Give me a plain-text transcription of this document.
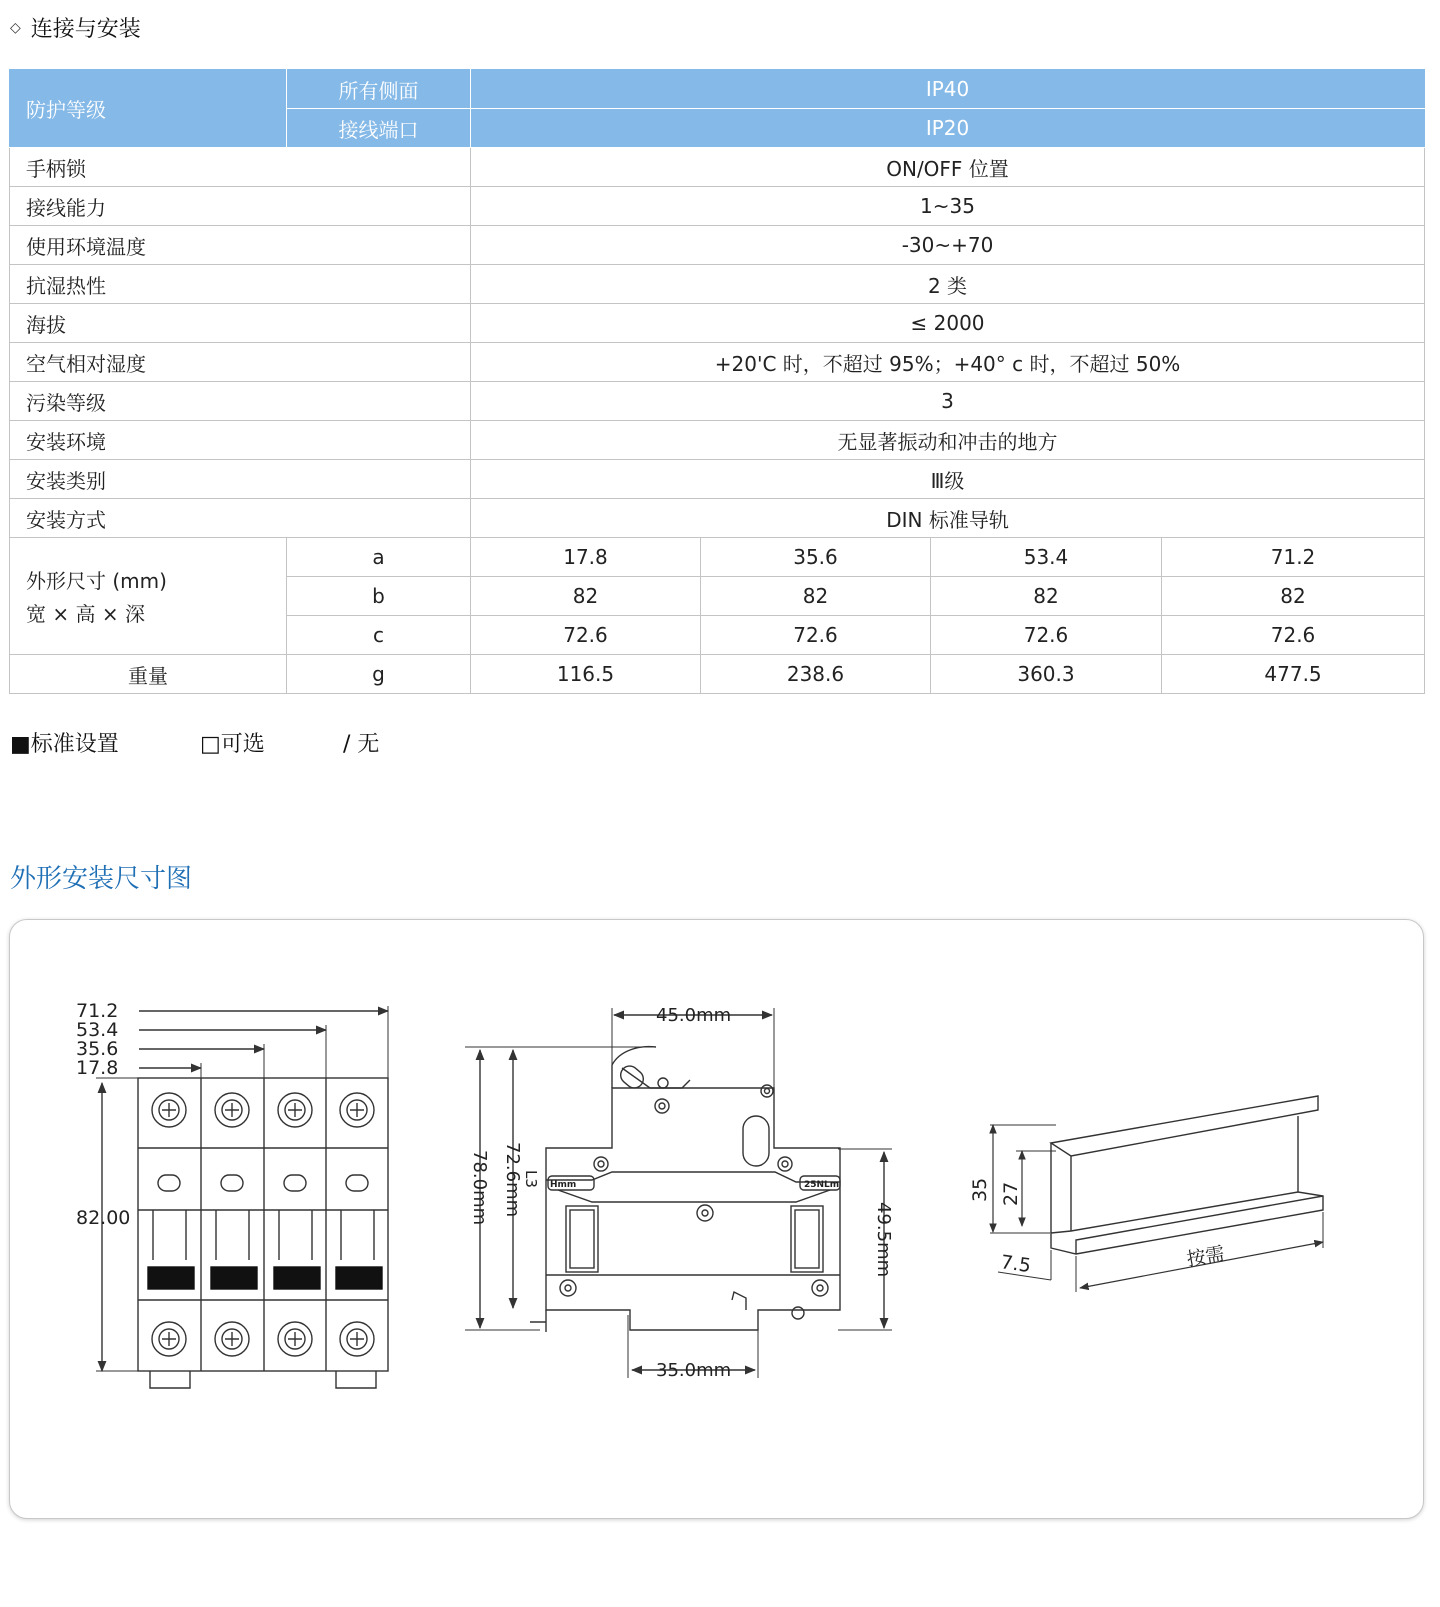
◇ 连接与安装
防护等级	所有侧面	IP40			
	接线端口	IP20			
手柄锁		ON/OFF 位置			
接线能力		1~35			
使用环境温度		-30~+70			
抗湿热性		2 类			
海拔		≤ 2000			
空气相对湿度		+20'C 时，不超过 95%；+40° c 时，不超过 50%			
污染等级		3			
安装环境		无显著振动和冲击的地方			
安装类别		Ⅲ级			
安装方式		DIN 标准导轨			

外形尺寸 (mm)
宽 × 高 × 深	a	17.8	35.6	53.4	71.2
	b	82	82	82	82
	c	72.6	72.6	72.6	72.6
重量	g	116.5	238.6	360.3	477.5
■标准设置	□可选	/ 无
外形安装尺寸图
71.2
53.4
35.6
17.8
82.00
45.0mm
35.0mm
78.0mm 72.6mm
49.5mm
L3 Hmm	25NLm	35 27
7.5	按需
